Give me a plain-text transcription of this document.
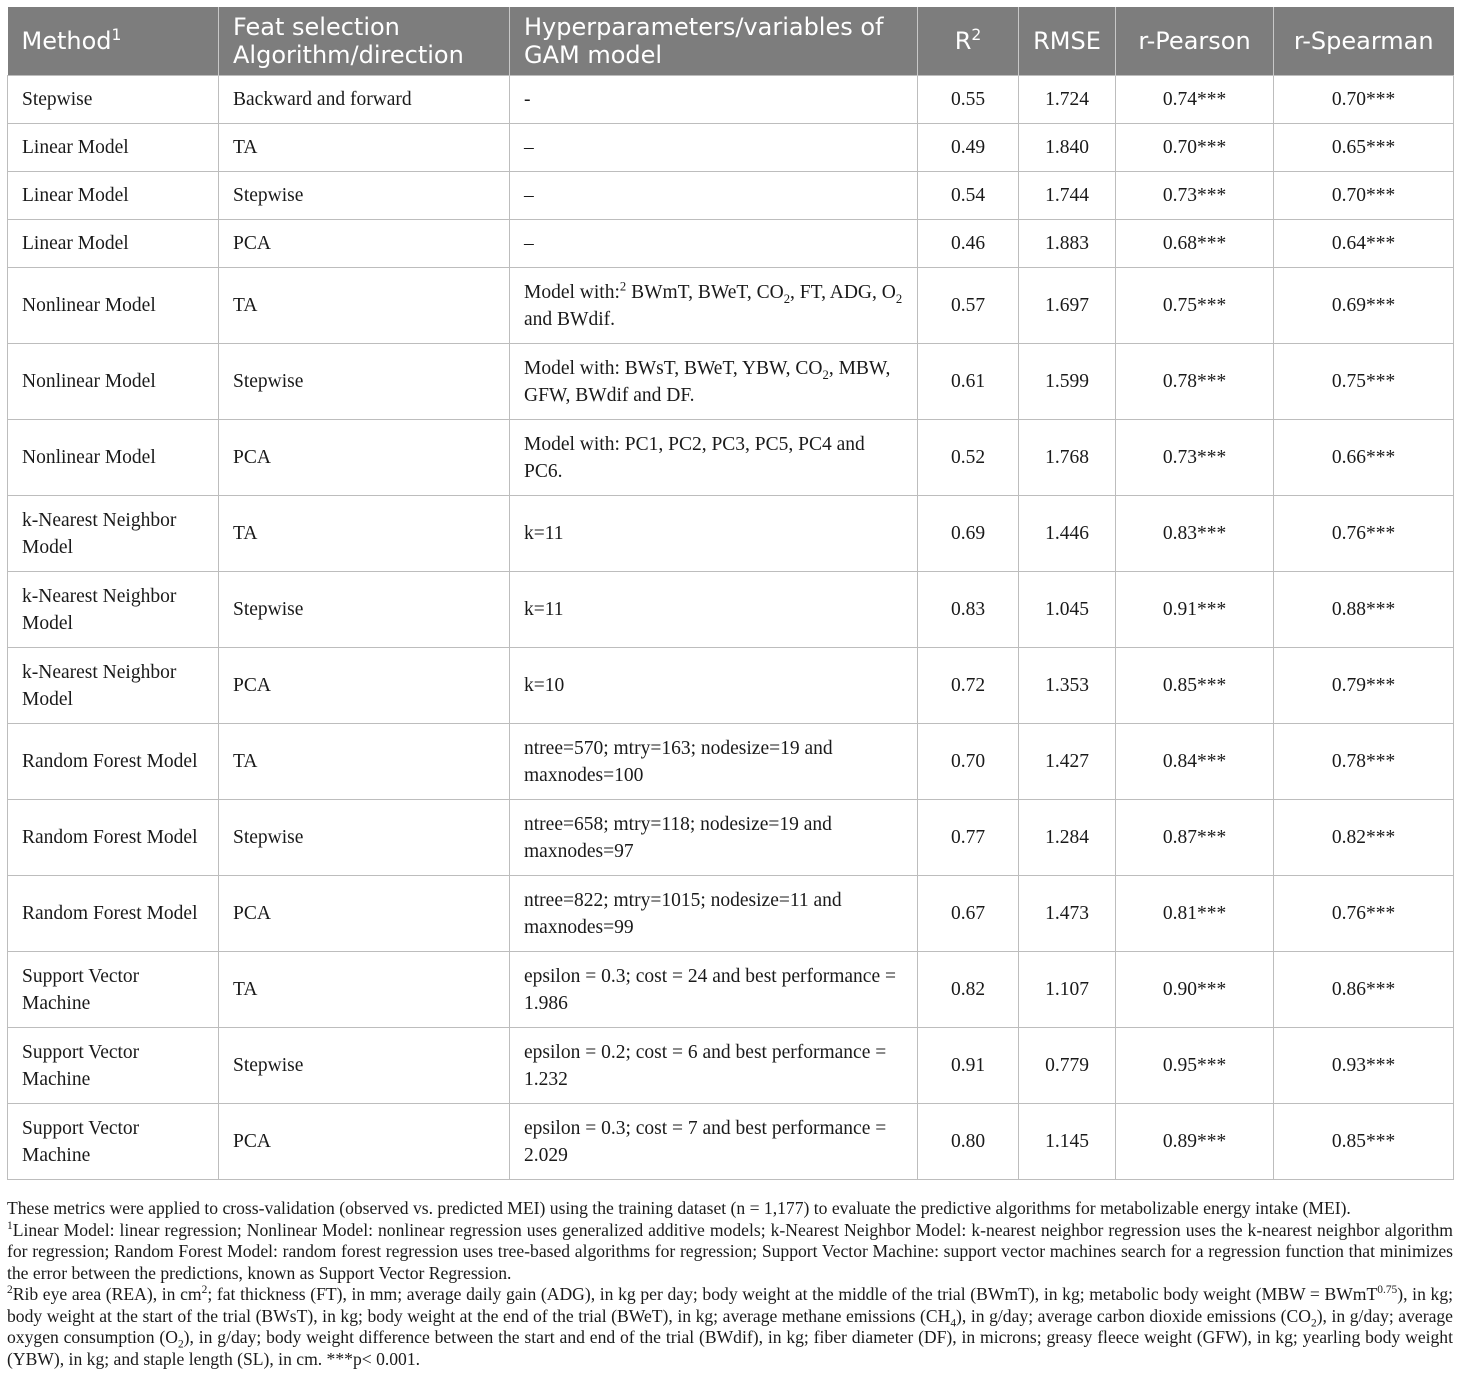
Method$^1$	Feat selection Algorithm/direction	Hyperparameters/variables of GAM model	$R^2$	RMSE	r-Pearson	r-Spearman
Stepwise	Backward and forward	-	0.55	1.724	0.74***	0.70***
Linear Model	TA	–	0.49	1.840	0.70***	0.65***
Linear Model	Stepwise	–	0.54	1.744	0.73***	0.70***
Linear Model	PCA	–	0.46	1.883	0.68***	0.64***
Nonlinear Model	TA	Model with:$^2$ BWmT, BWeT, $CO_2$, FT, ADG, $O_2$ and BWdif.	0.57	1.697	0.75***	0.69***
Nonlinear Model	Stepwise	Model with: BWsT, BWeT, YBW, $CO_2$, MBW, GFW, BWdif and DF.	0.61	1.599	0.78***	0.75***
Nonlinear Model	PCA	Model with: PC1, PC2, PC3, PC5, PC4 and PC6.	0.52	1.768	0.73***	0.66***
k-Nearest Neighbor Model	TA	k=11	0.69	1.446	0.83***	0.76***
k-Nearest Neighbor Model	Stepwise	k=11	0.83	1.045	0.91***	0.88***
k-Nearest Neighbor Model	PCA	k=10	0.72	1.353	0.85***	0.79***
Random Forest Model	TA	ntree=570; mtry=163; nodesize=19 and maxnodes=100	0.70	1.427	0.84***	0.78***
Random Forest Model	Stepwise	ntree=658; mtry=118; nodesize=19 and maxnodes=97	0.77	1.284	0.87***	0.82***
Random Forest Model	PCA	ntree=822; mtry=1015; nodesize=11 and maxnodes=99	0.67	1.473	0.81***	0.76***
Support Vector Machine	TA	epsilon = 0.3; cost = 24 and best performance = 1.986	0.82	1.107	0.90***	0.86***
Support Vector Machine	Stepwise	epsilon = 0.2; cost = 6 and best performance = 1.232	0.91	0.779	0.95***	0.93***
Support Vector Machine	PCA	epsilon = 0.3; cost = 7 and best performance = 2.029	0.80	1.145	0.89***	0.85***

These metrics were applied to cross-validation (observed vs. predicted MEI) using the training dataset (n = 1,177) to evaluate the predictive algorithms for metabolizable energy intake (MEI).

$^1$Linear Model: linear regression; Nonlinear Model: nonlinear regression uses generalized additive models; k-Nearest Neighbor Model: k-nearest neighbor regression uses the k-nearest neighbor algorithm for regression; Random Forest Model: random forest regression uses tree-based algorithms for regression; Support Vector Machine: support vector machines search for a regression function that minimizes the error between the predictions, known as Support Vector Regression.

$^2$Rib eye area (REA), in $cm^2$; fat thickness (FT), in mm; average daily gain (ADG), in kg per day; body weight at the middle of the trial (BWmT), in kg; metabolic body weight (MBW = BWmT$^{0.75}$), in kg; body weight at the start of the trial (BWsT), in kg; body weight at the end of the trial (BWeT), in kg; average methane emissions $(CH_4)$, in g/day; average carbon dioxide emissions $(CO_2)$, in g/day; average oxygen consumption $(O_2)$, in g/day; body weight difference between the start and end of the trial (BWdif), in kg; fiber diameter (DF), in microns; greasy fleece weight (GFW), in kg; yearling body weight (YBW), in kg; and staple length (SL), in cm. ***p< 0.001.
